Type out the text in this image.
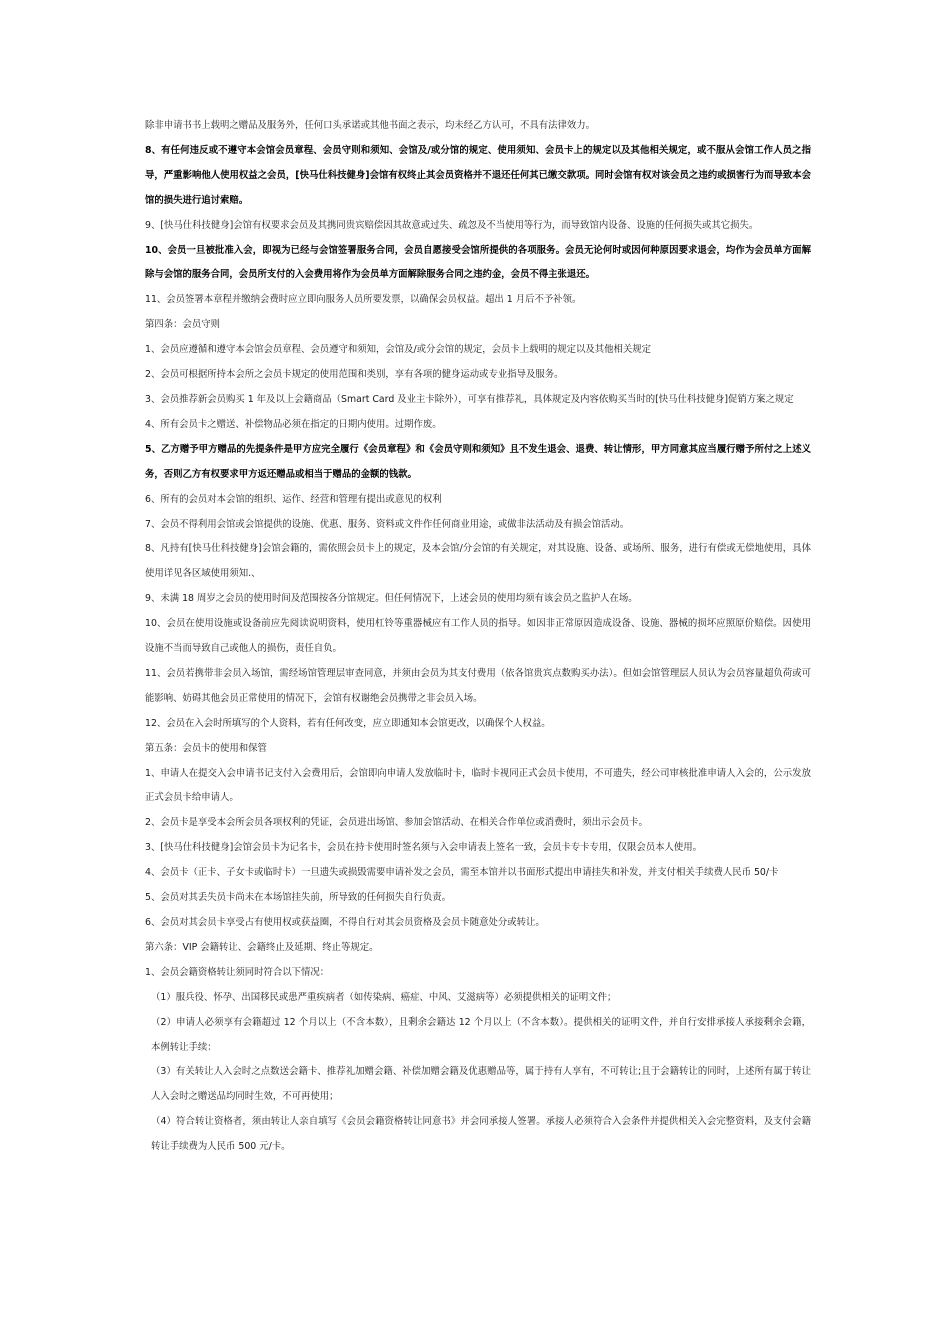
除非申请书书上载明之赠品及服务外，任何口头承诺或其他书面之表示，均未经乙方认可，不具有法律效力。

8、有任何违反或不遵守本会馆会员章程、会员守则和须知、会馆及/或分馆的规定、使用须知、会员卡上的规定以及其他相关规定，或不服从会馆工作人员之指导，严重影响他人使用权益之会员，[快马仕科技健身]会馆有权终止其会员资格并不退还任何其已缴交款项。同时会馆有权对该会员之违约或损害行为而导致本会馆的损失进行追讨索赔。

9、[快马仕科技健身]会馆有权要求会员及其携同贵宾赔偿因其故意或过失、疏忽及不当使用等行为，而导致馆内设备、设施的任何损失或其它损失。

10、会员一旦被批准入会，即视为已经与会馆签署服务合同，会员自愿接受会馆所提供的各项服务。会员无论何时或因何种原因要求退会，均作为会员单方面解除与会馆的服务合同，会员所支付的入会费用将作为会员单方面解除服务合同之违约金，会员不得主张退还。

11、会员签署本章程并缴纳会费时应立即向服务人员所要发票，以确保会员权益。超出 1 月后不予补领。

第四条：会员守则

1、会员应遵循和遵守本会馆会员章程、会员遵守和须知，会馆及/或分会馆的规定，会员卡上载明的规定以及其他相关规定

2、会员可根据所持本会所之会员卡规定的使用范围和类别，享有各项的健身运动或专业指导及服务。

3、会员推荐新会员购买 1 年及以上会籍商品（Smart Card 及业主卡除外），可享有推荐礼，具体规定及内容依购买当时的[快马仕科技健身]促销方案之规定

4、所有会员卡之赠送、补偿物品必须在指定的日期内使用。过期作废。

5、乙方赠予甲方赠品的先提条件是甲方应完全履行《会员章程》和《会员守则和须知》且不发生退会、退费、转让情形，甲方同意其应当履行赠予所付之上述义务，否则乙方有权要求甲方返还赠品或相当于赠品的金额的钱款。

6、所有的会员对本会馆的组织、运作、经营和管理有提出或意见的权利

7、会员不得利用会馆或会馆提供的设施、优惠、服务、资料或文件作任何商业用途，或做非法活动及有损会馆活动。

8、凡持有[快马仕科技健身]会馆会籍的，需依照会员卡上的规定，及本会馆/分会馆的有关规定，对其设施、设备、或场所、服务，进行有偿或无偿地使用，具体使用详见各区域使用须知.、

9、未满 18 周岁之会员的使用时间及范围按各分馆规定。但任何情况下，上述会员的使用均须有该会员之监护人在场。

10、会员在使用设施或设备前应先阅读说明资料，使用杠铃等重器械应有工作人员的指导。如因非正常原因造成设备、设施、器械的损坏应照原价赔偿。因使用设施不当而导致自己或他人的损伤，责任自负。

11、会员若携带非会员入场馆，需经场馆管理层审查同意，并须由会员为其支付费用（依各馆贵宾点数购买办法）。但如会馆管理层人员认为会员容量超负荷或可能影响、妨碍其他会员正常使用的情况下，会馆有权谢绝会员携带之非会员入场。

12、会员在入会时所填写的个人资料，若有任何改变，应立即通知本会馆更改，以确保个人权益。

第五条：会员卡的使用和保管

1、申请人在提交入会申请书记支付入会费用后，会馆即向申请人发放临时卡，临时卡视同正式会员卡使用，不可遗失，经公司审核批准申请人入会的，公示发放正式会员卡给申请人。

2、会员卡是享受本会所会员各项权利的凭证，会员进出场馆、参加会馆活动、在相关合作单位或消费时，须出示会员卡。

3、[快马仕科技健身]会馆会员卡为记名卡，会员在持卡使用时签名须与入会申请表上签名一致，会员卡专卡专用，仅限会员本人使用。

4、会员卡（正卡、子女卡或临时卡）一旦遗失或损毁需要申请补发之会员，需至本馆并以书面形式提出申请挂失和补发，并支付相关手续费人民币 50/卡

5、会员对其丢失员卡尚未在本场馆挂失前，所导致的任何损失自行负责。

6、会员对其会员卡享受占有使用权或获益圈，不得自行对其会员资格及会员卡随意处分或转让。

第六条：VIP 会籍转让、会籍终止及延期、终止等规定。

1、会员会籍资格转让须同时符合以下情况：

（1）服兵役、怀孕、出国移民或患严重疾病者（如传染病、癌症、中风、艾滋病等）必须提供相关的证明文件；

（2）申请人必须享有会籍超过 12 个月以上（不含本数），且剩余会籍达 12 个月以上（不含本数）。提供相关的证明文件，并自行安排承接人承接剩余会籍，本例转让手续：

（3）有关转让人入会时之点数送会籍卡、推荐礼加赠会籍、补偿加赠会籍及优惠赠品等，属于持有人享有，不可转让;且于会籍转让的同时，上述所有属于转让人入会时之赠送品均同时生效，不可再使用；

（4）符合转让资格者，须由转让人亲自填写《会员会籍资格转让同意书》并会同承接人签署。承接人必须符合入会条件并提供相关入会完整资料，及支付会籍转让手续费为人民币 500 元/卡。
